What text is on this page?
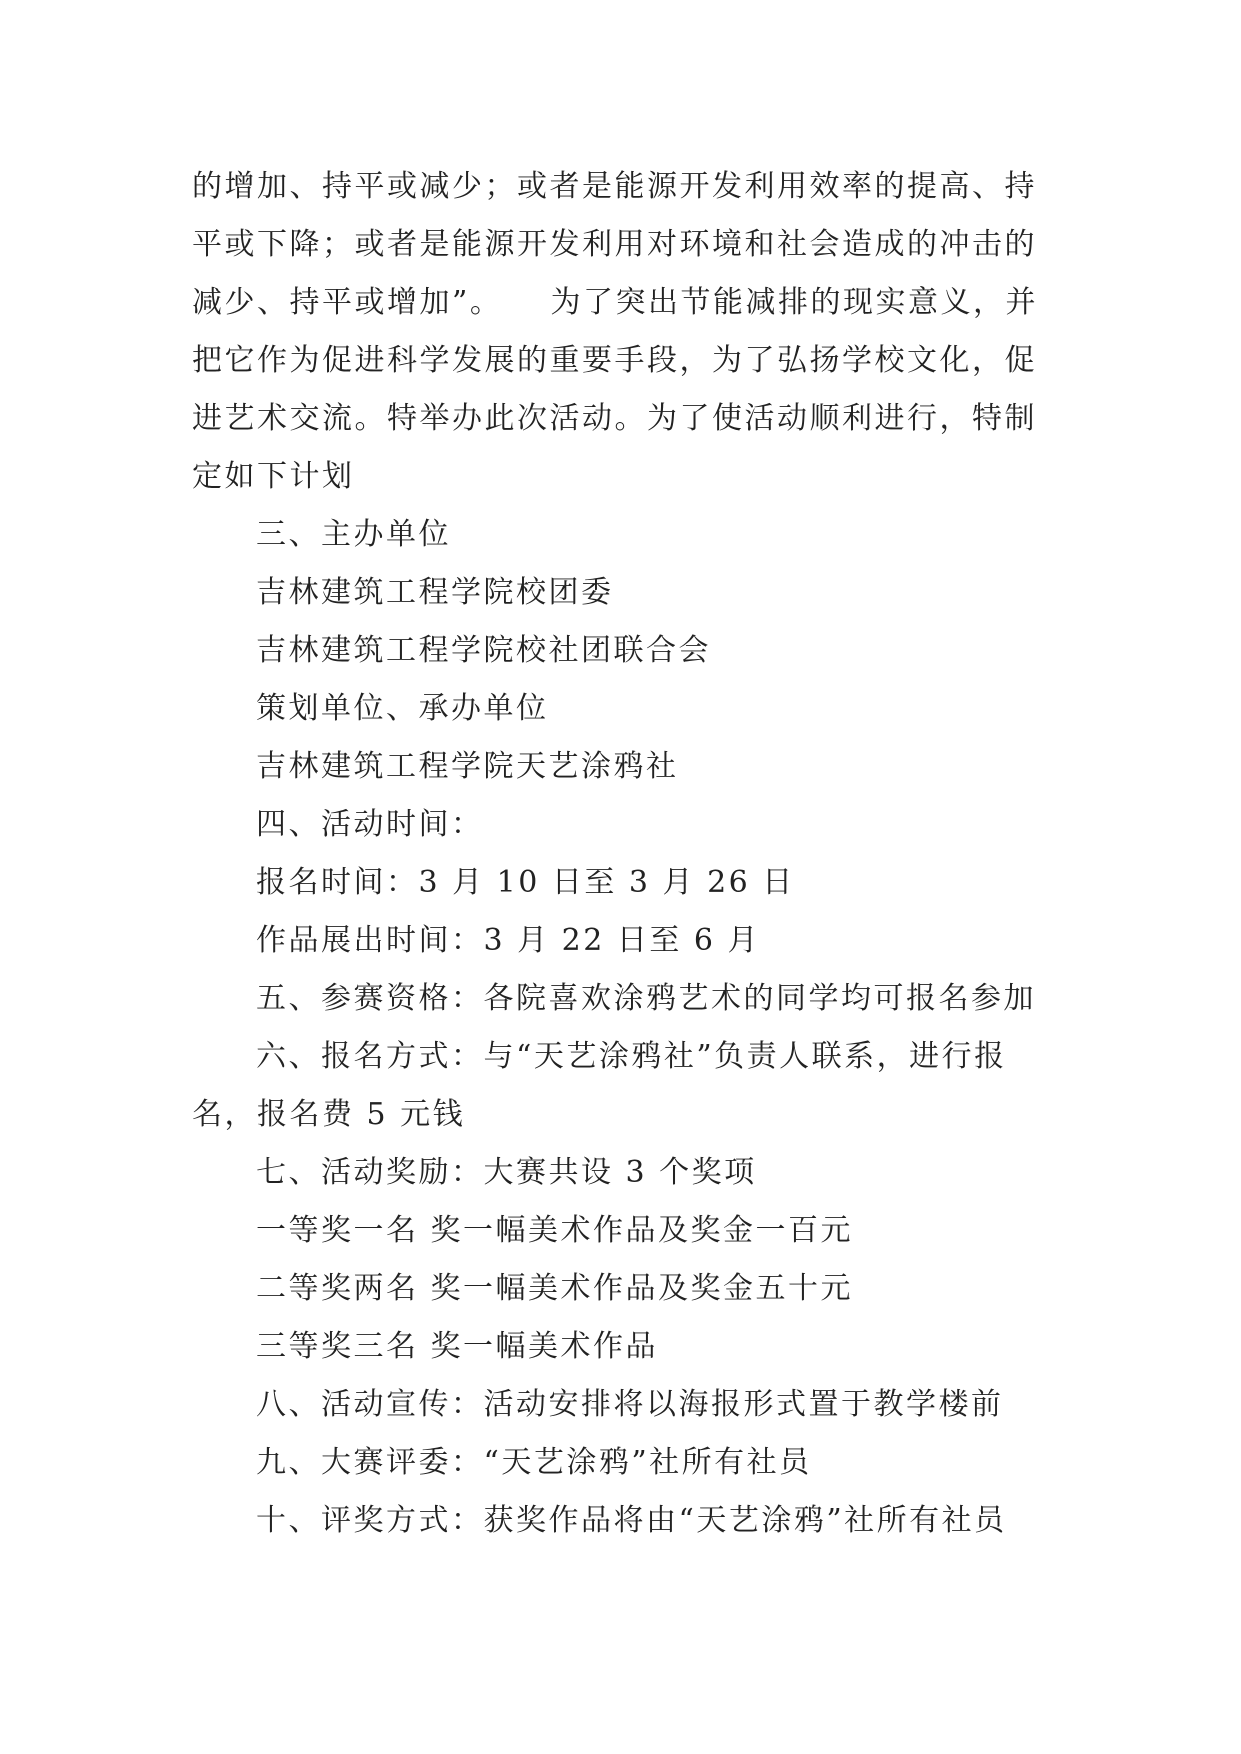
的增加、持平或减少；或者是能源开发利用效率的提高、持
平或下降；或者是能源开发利用对环境和社会造成的冲击的
减少、持平或增加”。    为了突出节能减排的现实意义，并
把它作为促进科学发展的重要手段，为了弘扬学校文化，促
进艺术交流。特举办此次活动。为了使活动顺利进行，特制
定如下计划
三、主办单位
吉林建筑工程学院校团委
吉林建筑工程学院校社团联合会
策划单位、承办单位
吉林建筑工程学院天艺涂鸦社
四、活动时间：
报名时间：3 月 10 日至 3 月 26 日
作品展出时间：3 月 22 日至 6 月
五、参赛资格：各院喜欢涂鸦艺术的同学均可报名参加
六、报名方式：与“天艺涂鸦社”负责人联系，进行报
名，报名费 5 元钱
七、活动奖励：大赛共设 3 个奖项
一等奖一名 奖一幅美术作品及奖金一百元
二等奖两名 奖一幅美术作品及奖金五十元
三等奖三名 奖一幅美术作品
八、活动宣传：活动安排将以海报形式置于教学楼前
九、大赛评委：“天艺涂鸦”社所有社员
十、评奖方式：获奖作品将由“天艺涂鸦”社所有社员
